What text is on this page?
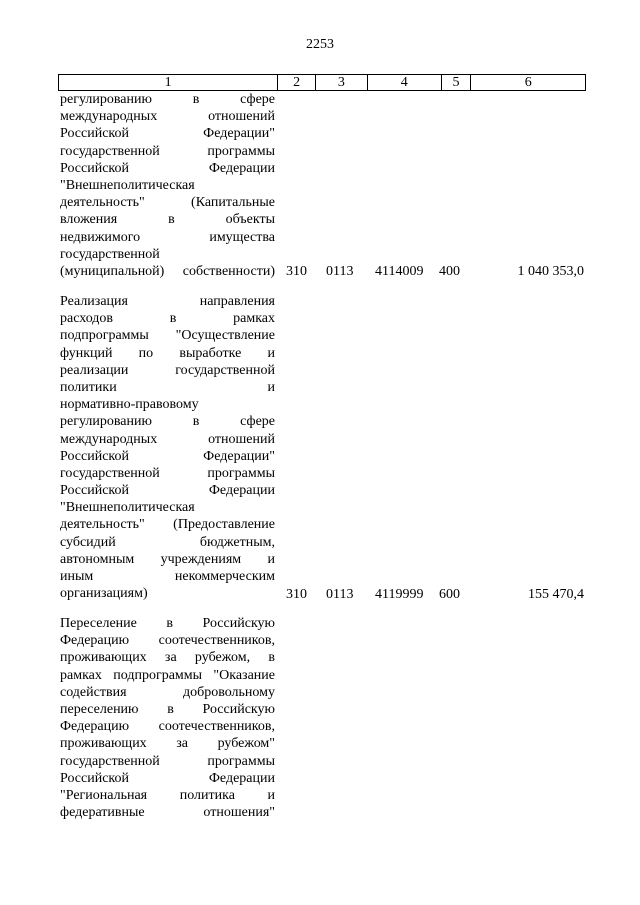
2253
1	2	3	4	5	6
регулированию в сфере
международных отношений
Российской Федерации"
государственной программы
Российской Федерации
"Внешнеполитическая
деятельность" (Капитальные
вложения в объекты
недвижимого имущества
государственной
(муниципальной) собственности) 310 0113 4114009 400	1 040 353,0
Реализация направления
расходов в рамках
подпрограммы "Осуществление
функций по выработке и
реализации государственной
политики и
нормативно-правовому
регулированию в сфере
международных отношений
Российской Федерации"
государственной программы
Российской Федерации
"Внешнеполитическая
деятельность" (Предоставление
субсидий бюджетным,
автономным учреждениям и
иным некоммерческим
организациям)	310 0113 4119999 600	155 470,4
Переселение в Российскую
Федерацию соотечественников,
проживающих за рубежом, в
рамках подпрограммы "Оказание
содействия добровольному
переселению в Российскую
Федерацию соотечественников,
проживающих за рубежом"
государственной программы
Российской Федерации
"Региональная политика и
федеративные отношения"
